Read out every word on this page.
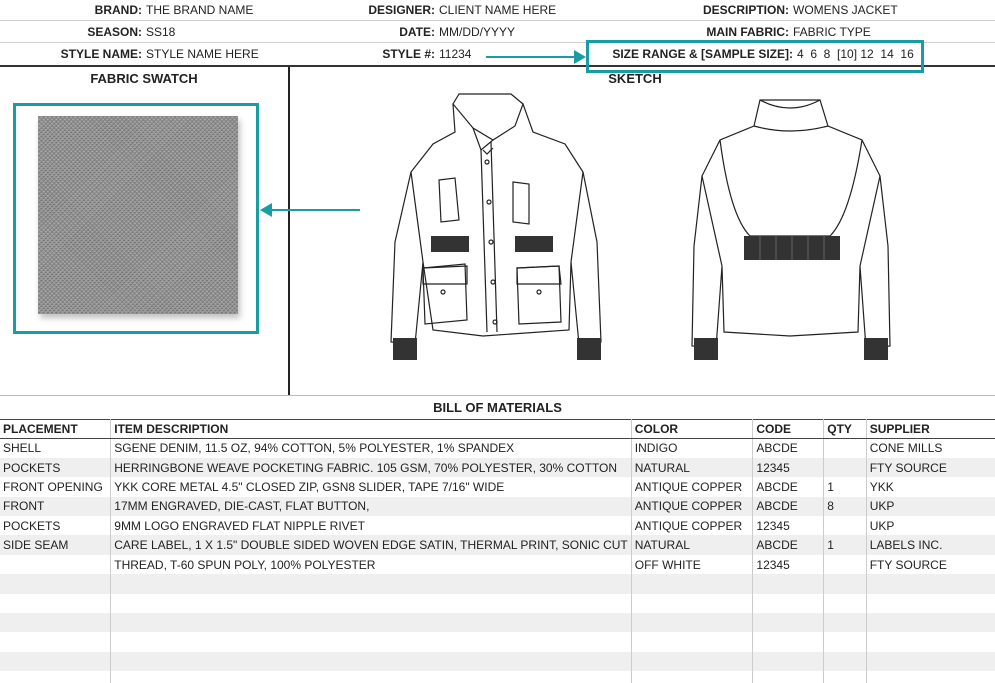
BRAND: THE BRAND NAME	DESIGNER: CLIENT NAME HERE	DESCRIPTION: WOMENS JACKET
SEASON: SS18	DATE: MM/DD/YYYY	MAIN FABRIC: FABRIC TYPE
STYLE NAME: STYLE NAME HERE	STYLE #: 11234	SIZE RANGE & [SAMPLE SIZE]: 4  6  8  [10] 12  14  16
FABRIC SWATCH	SKETCH
BILL OF MATERIALS
PLACEMENT	ITEM DESCRIPTION	COLOR	CODE	QTY	SUPPLIER
SHELL	SGENE DENIM, 11.5 OZ, 94% COTTON, 5% POLYESTER, 1% SPANDEX	INDIGO	ABCDE		CONE MILLS
POCKETS	HERRINGBONE WEAVE POCKETING FABRIC. 105 GSM, 70% POLYESTER, 30% COTTON	NATURAL	12345		FTY SOURCE
FRONT OPENING	YKK CORE METAL 4.5" CLOSED ZIP, GSN8 SLIDER, TAPE 7/16" WIDE	ANTIQUE COPPER	ABCDE	1	YKK
FRONT	17MM ENGRAVED, DIE-CAST, FLAT BUTTON,	ANTIQUE COPPER	ABCDE	8	UKP
POCKETS	9MM LOGO ENGRAVED FLAT NIPPLE RIVET	ANTIQUE COPPER	12345		UKP
SIDE SEAM	CARE LABEL, 1 X 1.5" DOUBLE SIDED WOVEN EDGE SATIN, THERMAL PRINT, SONIC CUT	NATURAL	ABCDE	1	LABELS INC.
	THREAD, T-60 SPUN POLY, 100% POLYESTER	OFF WHITE	12345		FTY SOURCE
